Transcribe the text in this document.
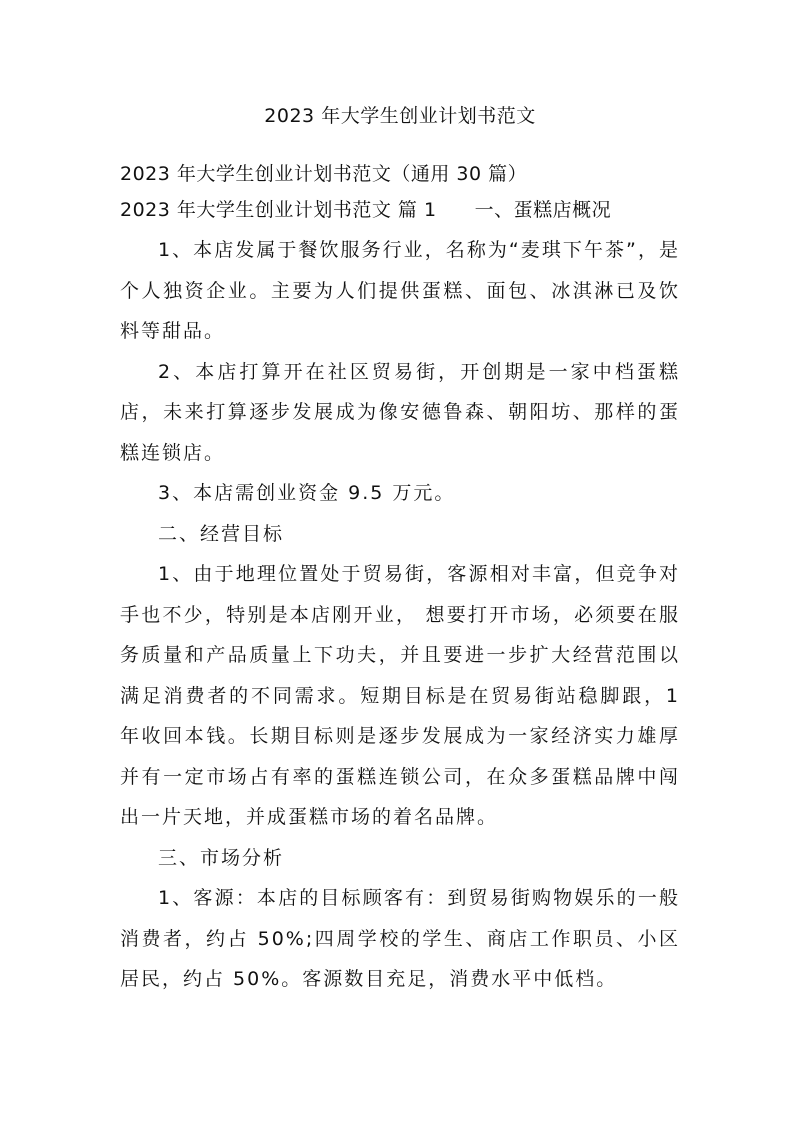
2023 年大学生创业计划书范文

2023 年大学生创业计划书范文（通用 30 篇）

2023 年大学生创业计划书范文 篇 1 一、蛋糕店概况

1、本店发属于餐饮服务行业，名称为“麦琪下午茶”，是个人独资企业。主要为人们提供蛋糕、面包、冰淇淋已及饮料等甜品。

2、本店打算开在社区贸易街，开创期是一家中档蛋糕店，未来打算逐步发展成为像安德鲁森、朝阳坊、那样的蛋糕连锁店。

3、本店需创业资金 9.5 万元。

二、经营目标

1、由于地理位置处于贸易街，客源相对丰富，但竞争对手也不少，特别是本店刚开业， 想要打开市场，必须要在服务质量和产品质量上下功夫，并且要进一步扩大经营范围以满足消费者的不同需求。短期目标是在贸易街站稳脚跟，1 年收回本钱。长期目标则是逐步发展成为一家经济实力雄厚并有一定市场占有率的蛋糕连锁公司，在众多蛋糕品牌中闯出一片天地，并成蛋糕市场的着名品牌。

三、市场分析

1、客源：本店的目标顾客有：到贸易街购物娱乐的一般消费者，约占 50%;四周学校的学生、商店工作职员、小区居民，约占 50%。客源数目充足，消费水平中低档。
